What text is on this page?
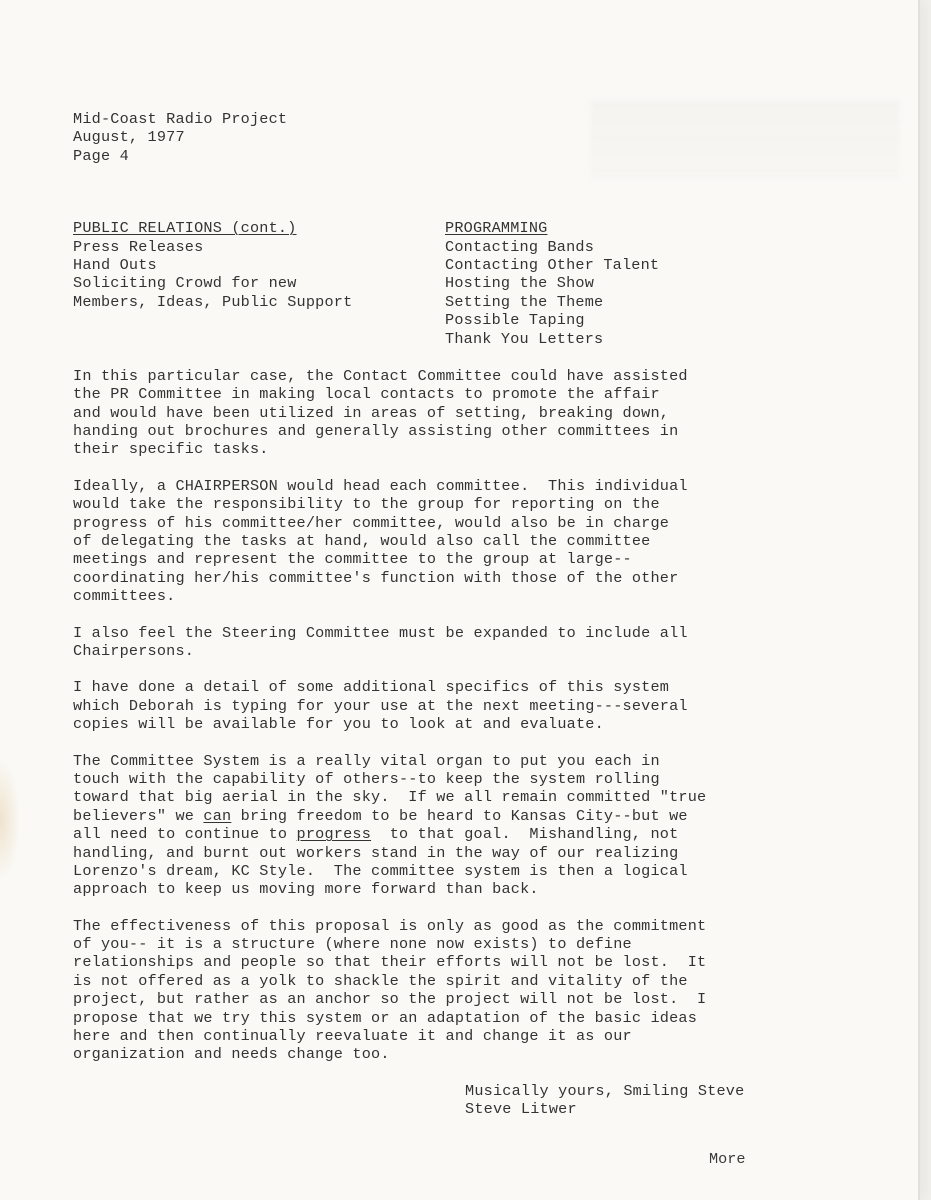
Mid-Coast Radio Project
August, 1977
Page 4
PUBLIC RELATIONS (cont.)
Press Releases
Hand Outs
Soliciting Crowd for new
Members, Ideas, Public Support
PROGRAMMING
Contacting Bands
Contacting Other Talent
Hosting the Show
Setting the Theme
Possible Taping
Thank You Letters
In this particular case, the Contact Committee could have assisted
the PR Committee in making local contacts to promote the affair
and would have been utilized in areas of setting, breaking down,
handing out brochures and generally assisting other committees in
their specific tasks.
Ideally, a CHAIRPERSON would head each committee.  This individual
would take the responsibility to the group for reporting on the
progress of his committee/her committee, would also be in charge
of delegating the tasks at hand, would also call the committee
meetings and represent the committee to the group at large--
coordinating her/his committee's function with those of the other
committees.
I also feel the Steering Committee must be expanded to include all
Chairpersons.
I have done a detail of some additional specifics of this system
which Deborah is typing for your use at the next meeting---several
copies will be available for you to look at and evaluate.
The Committee System is a really vital organ to put you each in
touch with the capability of others--to keep the system rolling
toward that big aerial in the sky.  If we all remain committed "true
believers" we can bring freedom to be heard to Kansas City--but we
all need to continue to progress  to that goal.  Mishandling, not
handling, and burnt out workers stand in the way of our realizing
Lorenzo's dream, KC Style.  The committee system is then a logical
approach to keep us moving more forward than back.
The effectiveness of this proposal is only as good as the commitment
of you-- it is a structure (where none now exists) to define
relationships and people so that their efforts will not be lost.  It
is not offered as a yolk to shackle the spirit and vitality of the
project, but rather as an anchor so the project will not be lost.  I
propose that we try this system or an adaptation of the basic ideas
here and then continually reevaluate it and change it as our
organization and needs change too.
Musically yours, Smiling Steve
Steve Litwer
More
